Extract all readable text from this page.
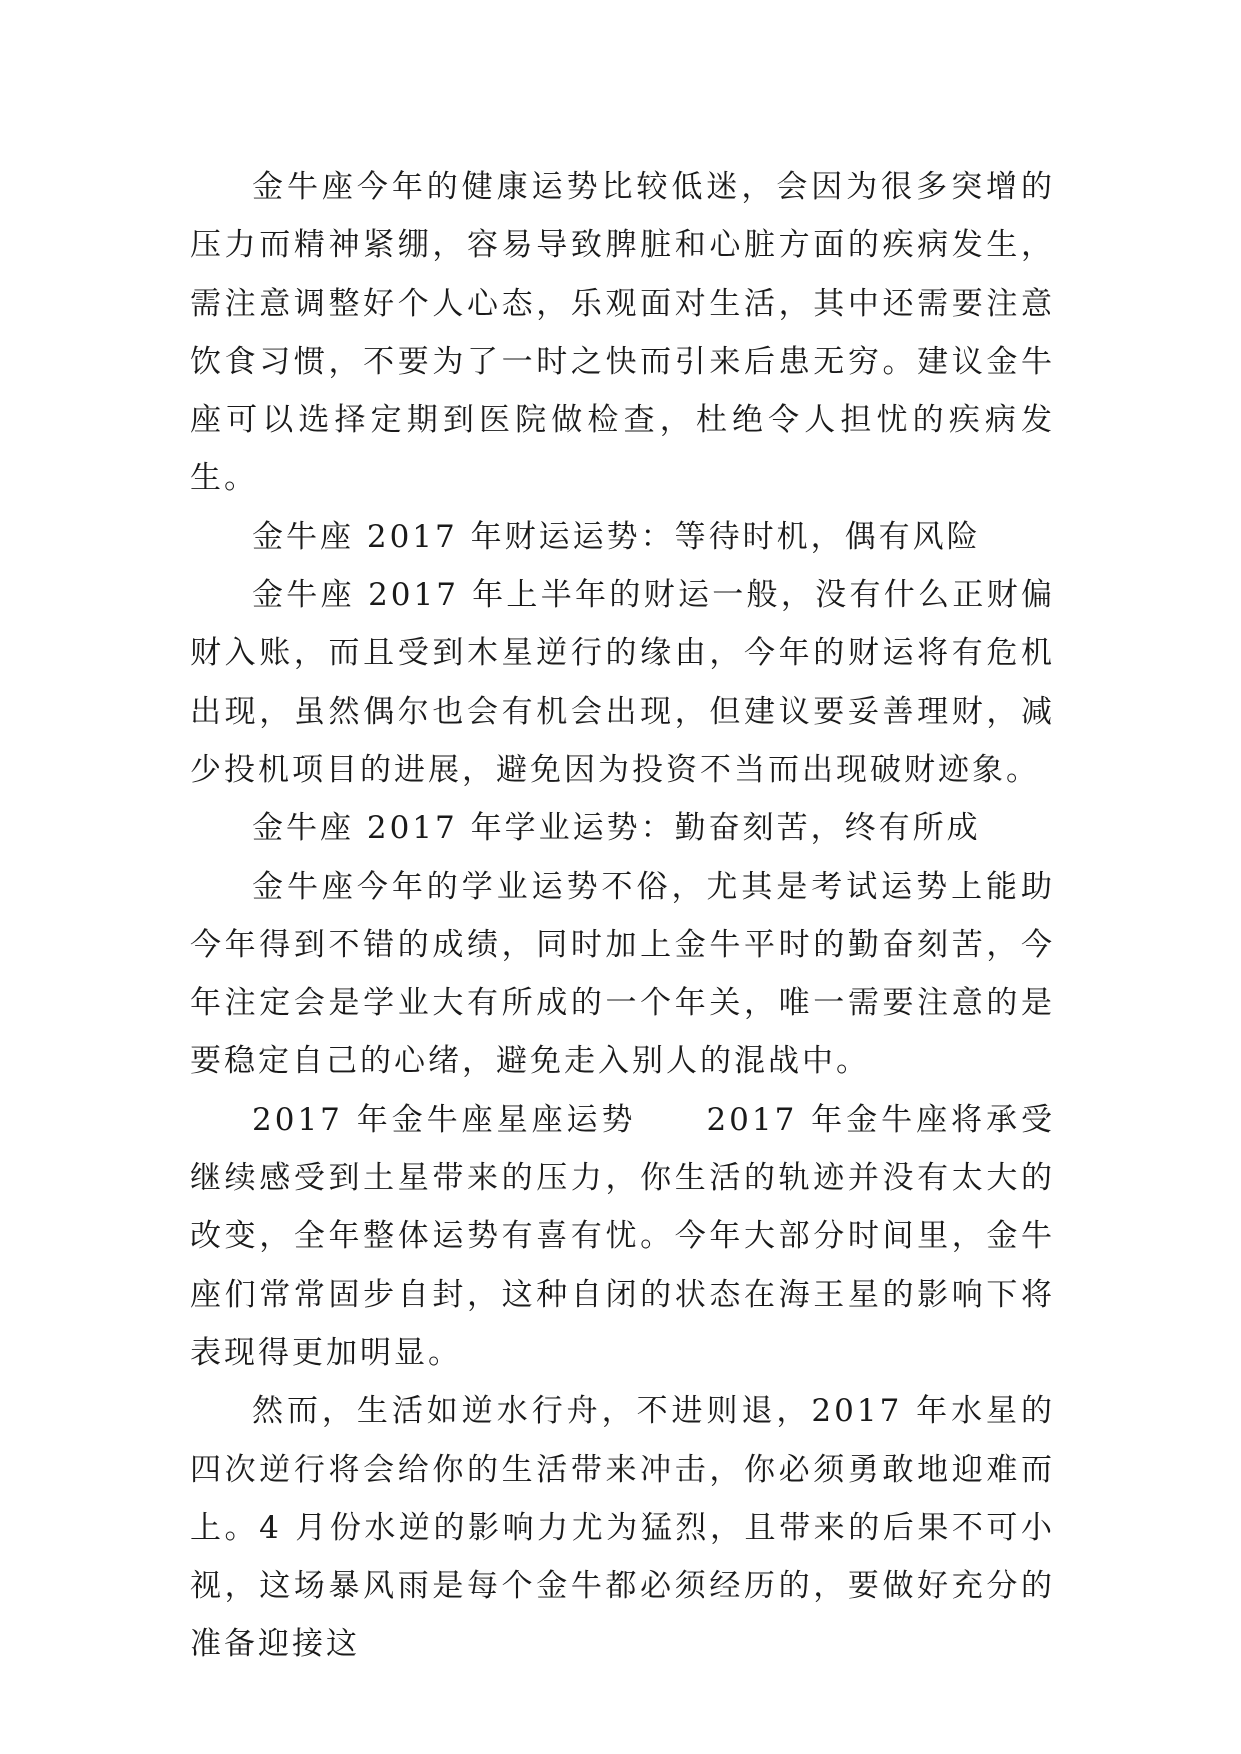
金牛座今年的健康运势比较低迷，会因为很多突增的压力而精神紧绷，容易导致脾脏和心脏方面的疾病发生，需注意调整好个人心态，乐观面对生活，其中还需要注意饮食习惯，不要为了一时之快而引来后患无穷。建议金牛座可以选择定期到医院做检查，杜绝令人担忧的疾病发生。

金牛座 2017 年财运运势：等待时机，偶有风险

金牛座 2017 年上半年的财运一般，没有什么正财偏财入账，而且受到木星逆行的缘由，今年的财运将有危机出现，虽然偶尔也会有机会出现，但建议要妥善理财，减少投机项目的进展，避免因为投资不当而出现破财迹象。

金牛座 2017 年学业运势：勤奋刻苦，终有所成

金牛座今年的学业运势不俗，尤其是考试运势上能助今年得到不错的成绩，同时加上金牛平时的勤奋刻苦，今年注定会是学业大有所成的一个年关，唯一需要注意的是要稳定自己的心绪，避免走入别人的混战中。

2017 年金牛座星座运势　　2017 年金牛座将承受继续感受到土星带来的压力，你生活的轨迹并没有太大的改变，全年整体运势有喜有忧。今年大部分时间里，金牛座们常常固步自封，这种自闭的状态在海王星的影响下将表现得更加明显。

然而，生活如逆水行舟，不进则退，2017 年水星的四次逆行将会给你的生活带来冲击，你必须勇敢地迎难而上。4 月份水逆的影响力尤为猛烈，且带来的后果不可小视，这场暴风雨是每个金牛都必须经历的，要做好充分的准备迎接这
